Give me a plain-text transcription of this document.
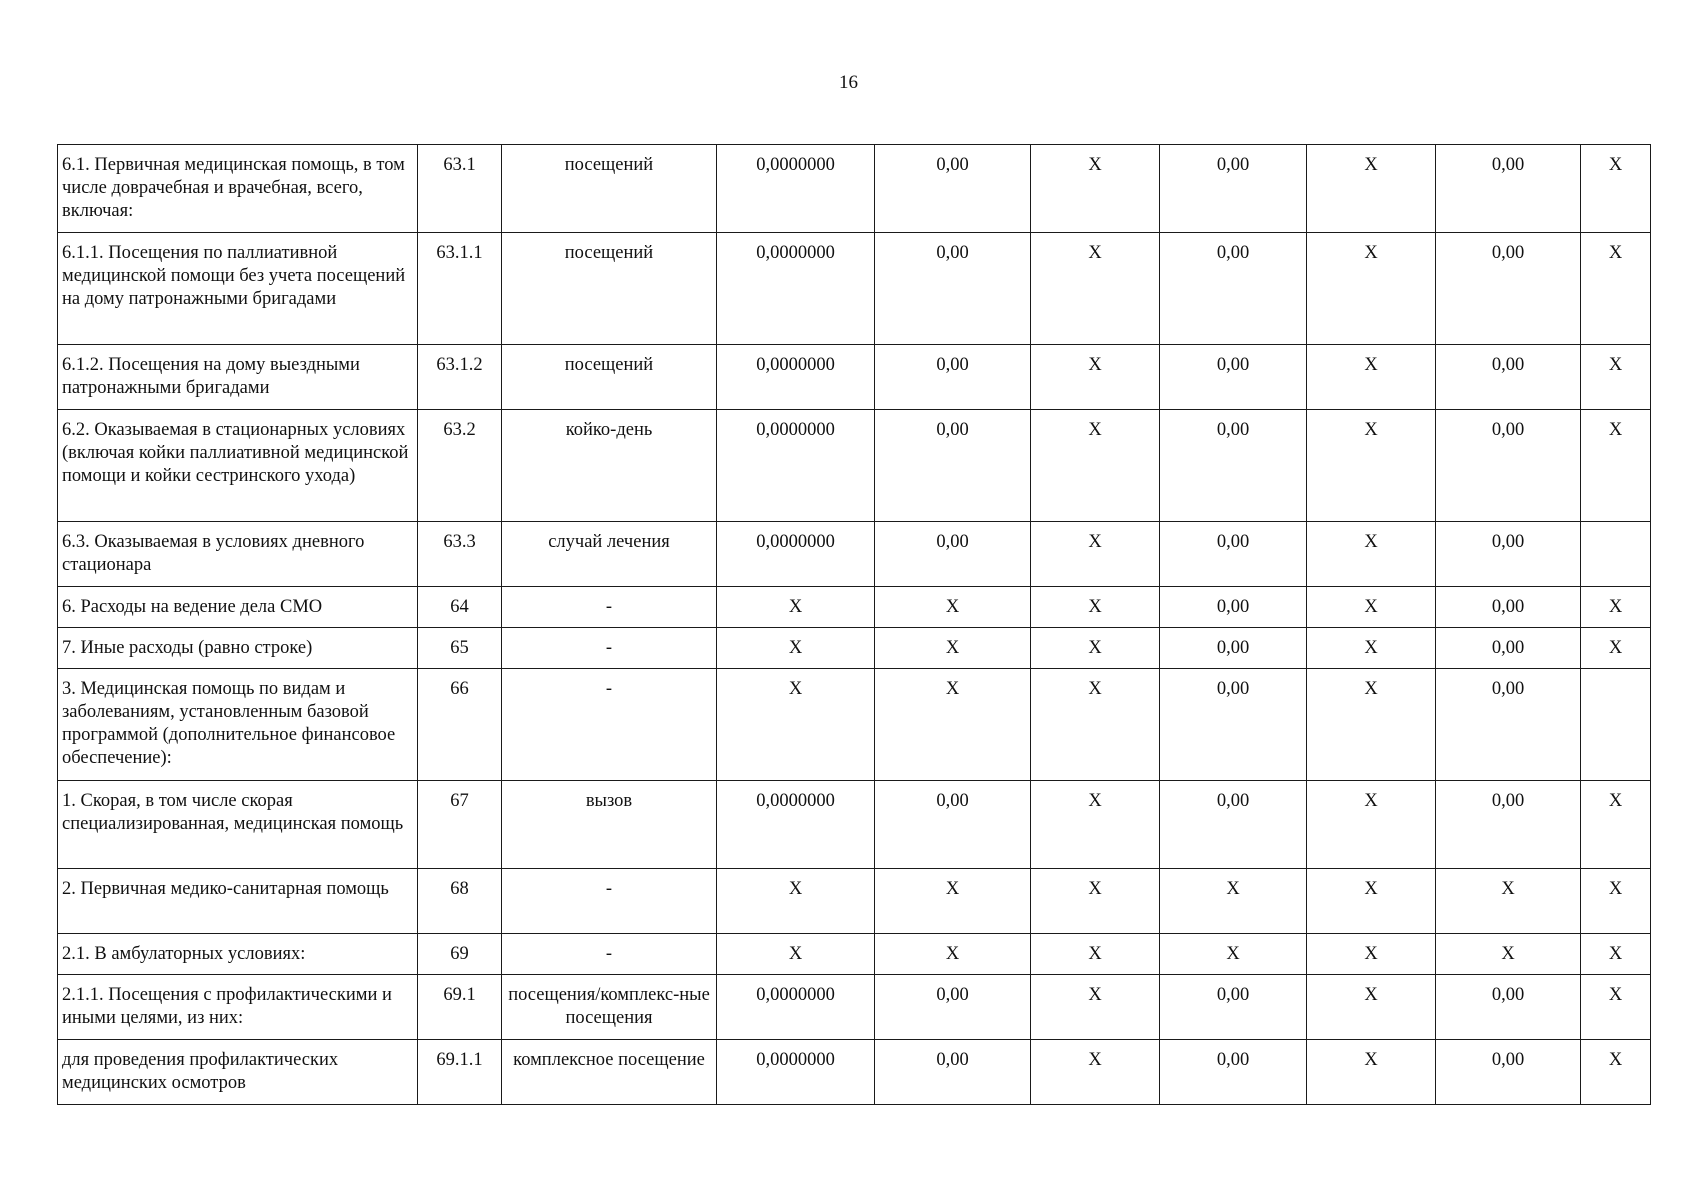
16
6.1. Первичная медицинская помощь, в том числе доврачебная и врачебная, всего, включая:	63.1	посещений	0,0000000	0,00	X	0,00	X	0,00	X
6.1.1. Посещения по паллиативной медицинской помощи без учета посещений на дому патронажными бригадами	63.1.1	посещений	0,0000000	0,00	X	0,00	X	0,00	X
6.1.2. Посещения на дому выездными патронажными бригадами	63.1.2	посещений	0,0000000	0,00	X	0,00	X	0,00	X
6.2. Оказываемая в стационарных условиях (включая койки паллиативной медицинской помощи и койки сестринского ухода)	63.2	койко-день	0,0000000	0,00	X	0,00	X	0,00	X
6.3. Оказываемая в условиях дневного стационара	63.3	случай лечения	0,0000000	0,00	X	0,00	X	0,00	
6. Расходы на ведение дела СМО	64	-	X	X	X	0,00	X	0,00	X
7. Иные расходы (равно строке)	65	-	X	X	X	0,00	X	0,00	X
3. Медицинская помощь по видам и заболеваниям, установленным базовой программой (дополнительное финансовое обеспечение):	66	-	X	X	X	0,00	X	0,00	
1. Скорая, в том числе скорая специализированная, медицинская помощь	67	вызов	0,0000000	0,00	X	0,00	X	0,00	X
2. Первичная медико-санитарная помощь	68	-	X	X	X	X	X	X	X
2.1. В амбулаторных условиях:	69	-	X	X	X	X	X	X	X
2.1.1. Посещения с профилактическими и иными целями, из них:	69.1	посещения/комплекс-ные посещения	0,0000000	0,00	X	0,00	X	0,00	X
для проведения профилактических медицинских осмотров	69.1.1	комплексное посещение	0,0000000	0,00	X	0,00	X	0,00	X
